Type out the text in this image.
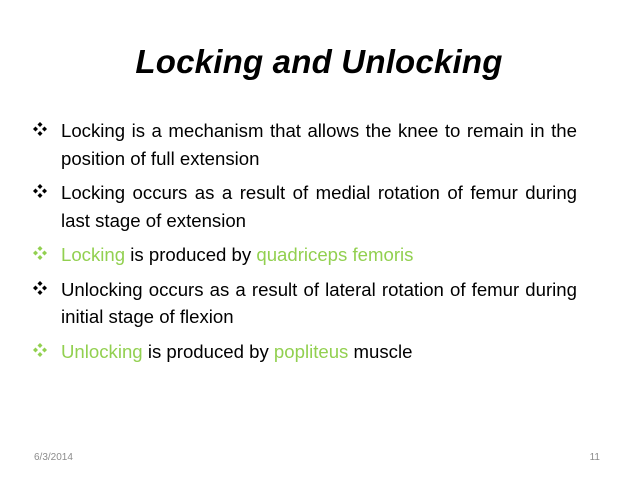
Locking and Unlocking
Locking is a mechanism that allows the knee to remain in the position of full extension
Locking occurs as a result of medial rotation of femur during last stage of extension
Locking is produced by quadriceps femoris
Unlocking occurs as a result of lateral rotation of femur during initial stage of flexion
Unlocking is produced by popliteus muscle
6/3/2014	11
